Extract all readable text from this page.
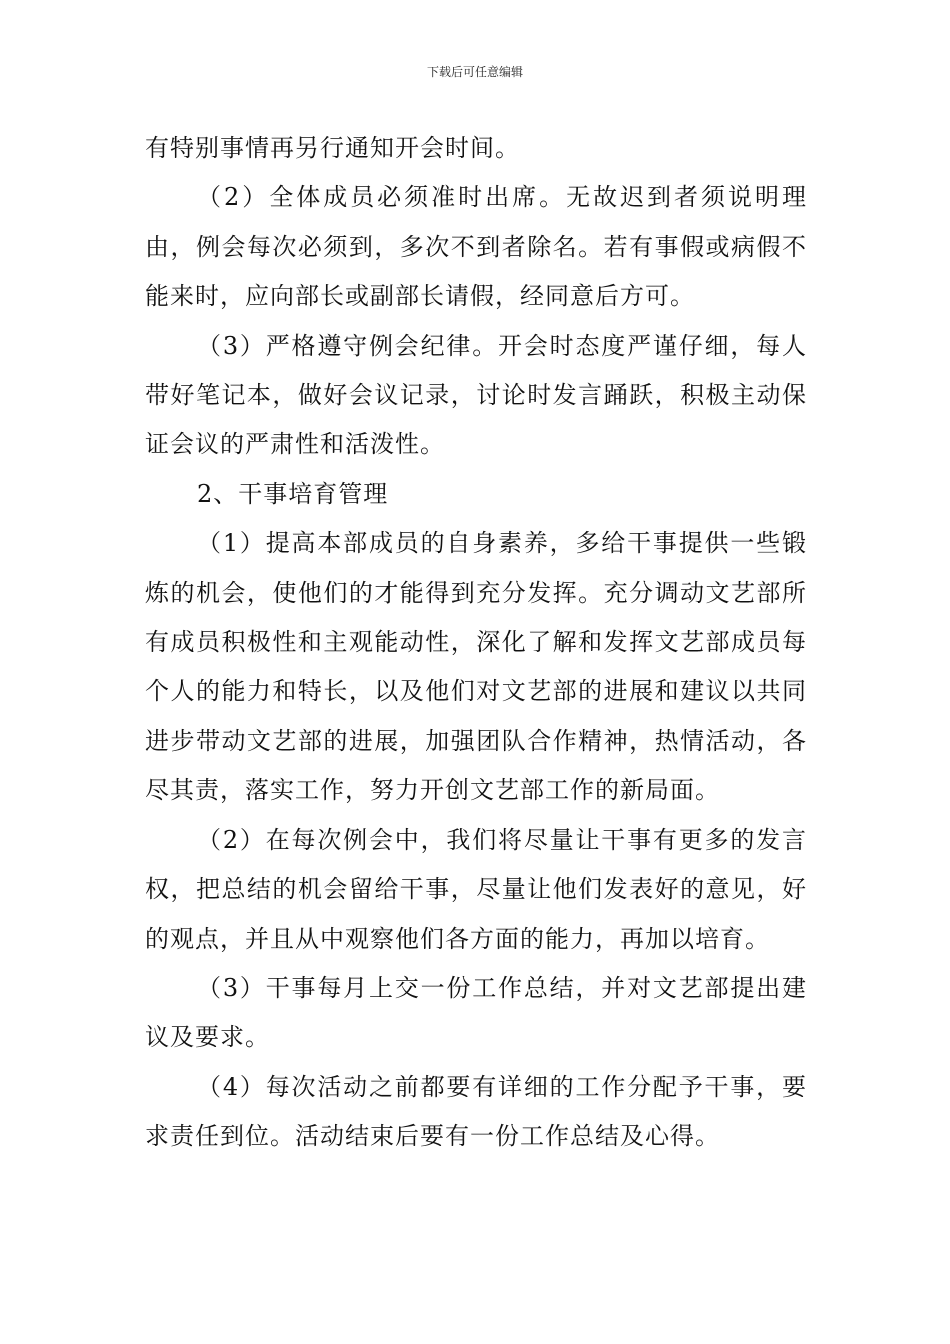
下载后可任意编辑

有特别事情再另行通知开会时间。

（2）全体成员必须准时出席。无故迟到者须说明理由，例会每次必须到，多次不到者除名。若有事假或病假不能来时，应向部长或副部长请假，经同意后方可。

（3）严格遵守例会纪律。开会时态度严谨仔细，每人带好笔记本，做好会议记录，讨论时发言踊跃，积极主动保证会议的严肃性和活泼性。

2、干事培育管理

（1）提高本部成员的自身素养，多给干事提供一些锻炼的机会，使他们的才能得到充分发挥。充分调动文艺部所有成员积极性和主观能动性，深化了解和发挥文艺部成员每个人的能力和特长，以及他们对文艺部的进展和建议以共同进步带动文艺部的进展，加强团队合作精神，热情活动，各尽其责，落实工作，努力开创文艺部工作的新局面。

（2）在每次例会中，我们将尽量让干事有更多的发言权，把总结的机会留给干事，尽量让他们发表好的意见，好的观点，并且从中观察他们各方面的能力，再加以培育。

（3）干事每月上交一份工作总结，并对文艺部提出建议及要求。

（4）每次活动之前都要有详细的工作分配予干事，要求责任到位。活动结束后要有一份工作总结及心得。
